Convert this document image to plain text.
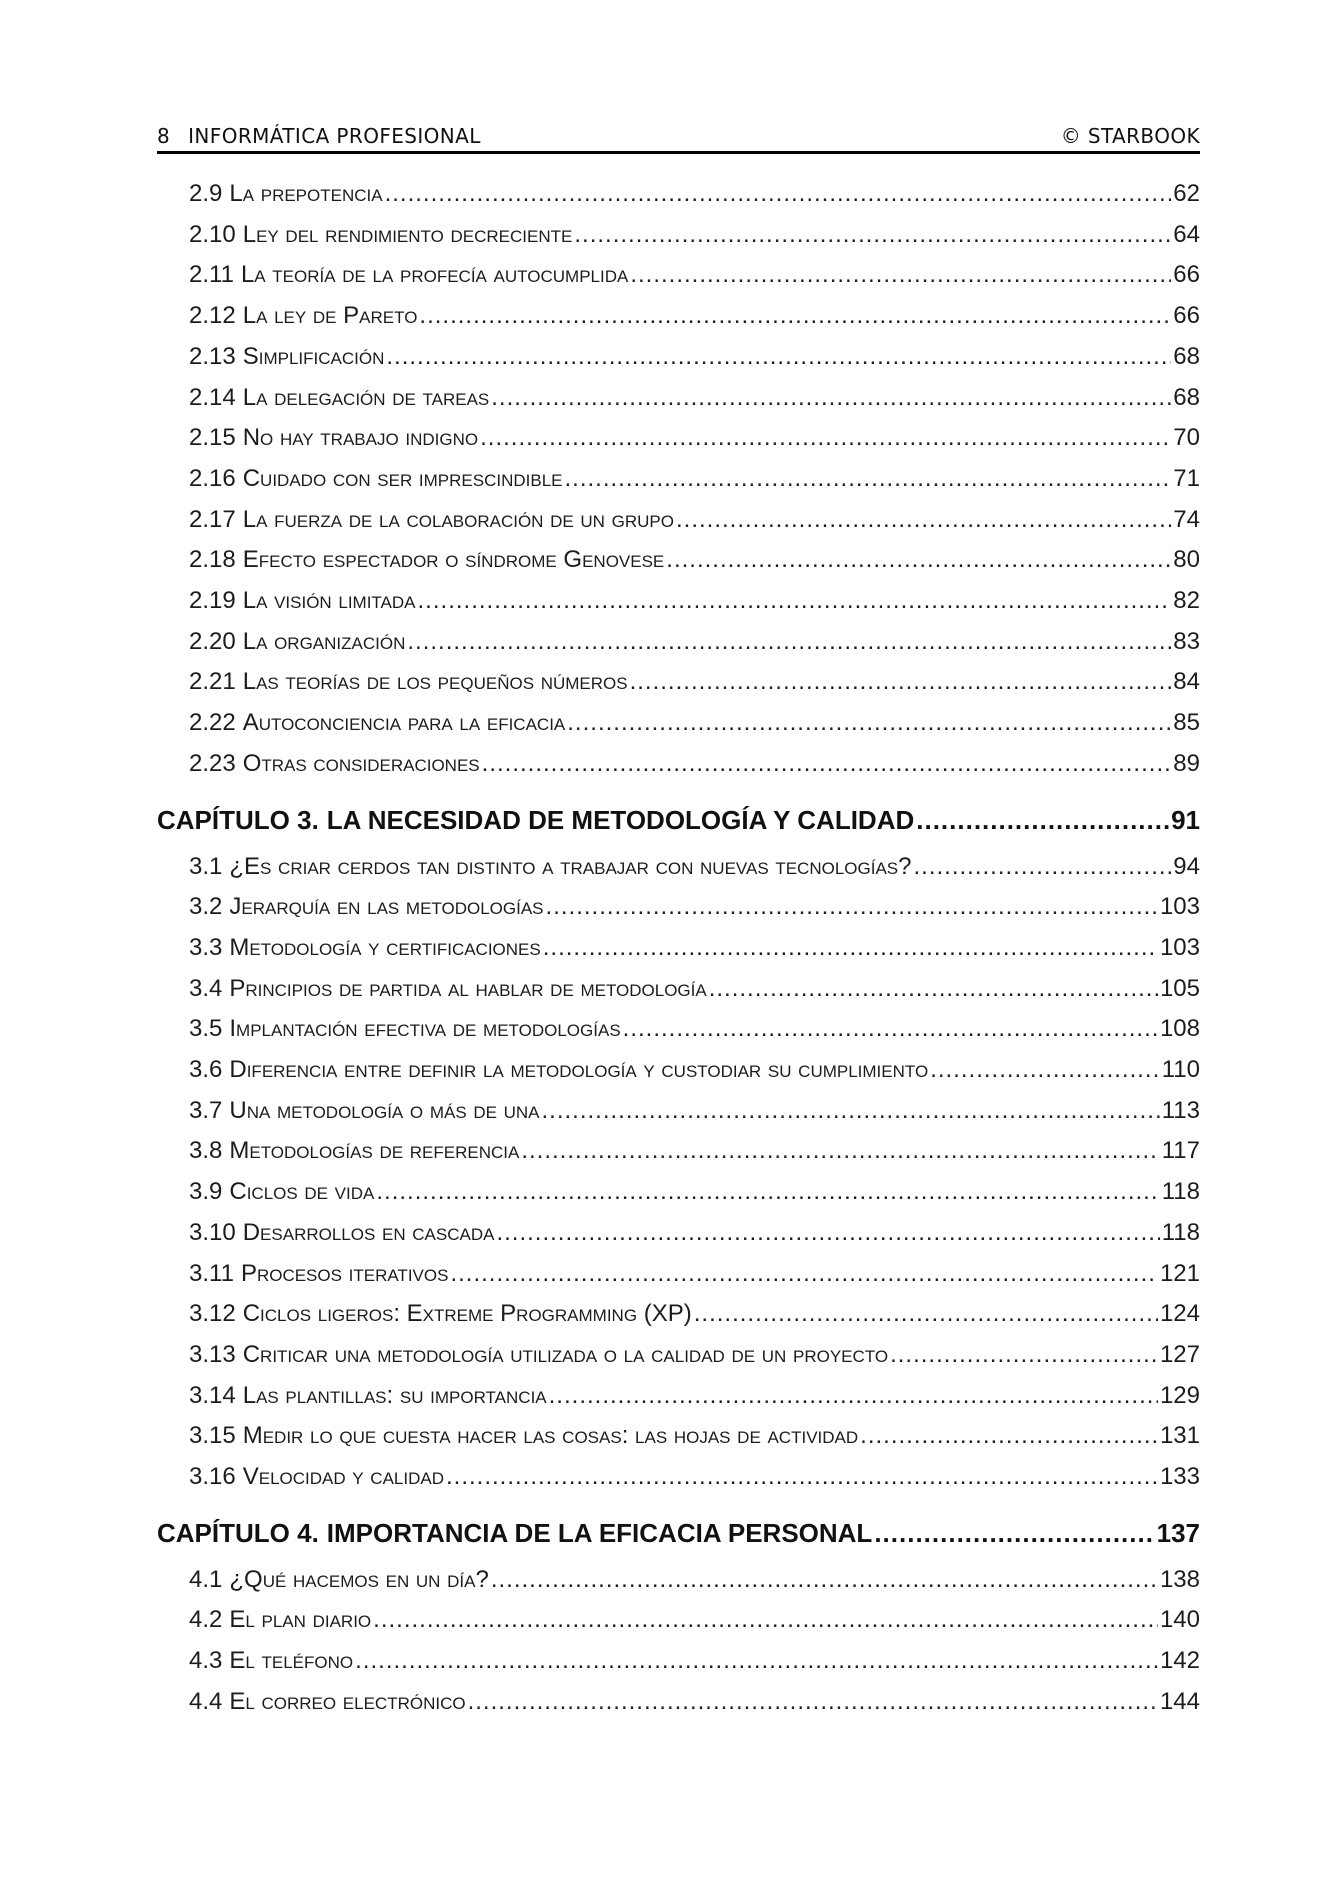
8 INFORMÁTICA PROFESIONAL	© STARBOOK
2.9 La prepotencia .....	62
2.10 Ley del rendimiento decreciente .....	64
2.11 La teoría de la profecía autocumplida .....	66
2.12 La ley de Pareto .....	66
2.13 Simplificación .....	68
2.14 La delegación de tareas .....	68
2.15 No hay trabajo indigno .....	70
2.16 Cuidado con ser imprescindible .....	71
2.17 La fuerza de la colaboración de un grupo .....	74
2.18 Efecto espectador o síndrome Genovese .....	80
2.19 La visión limitada .....	82
2.20 La organización .....	83
2.21 Las teorías de los pequeños números .....	84
2.22 Autoconciencia para la eficacia .....	85
2.23 Otras consideraciones .....	89
CAPÍTULO 3. LA NECESIDAD DE METODOLOGÍA Y CALIDAD .....	91
3.1 ¿Es criar cerdos tan distinto a trabajar con nuevas tecnologías? .....	94
3.2 Jerarquía en las metodologías .....	103
3.3 Metodología y certificaciones .....	103
3.4 Principios de partida al hablar de metodología .....	105
3.5 Implantación efectiva de metodologías .....	108
3.6 Diferencia entre definir la metodología y custodiar su cumplimiento .....	110
3.7 Una metodología o más de una .....	113
3.8 Metodologías de referencia .....	117
3.9 Ciclos de vida .....	118
3.10 Desarrollos en cascada .....	118
3.11 Procesos iterativos .....	121
3.12 Ciclos ligeros: Extreme Programming (XP) .....	124
3.13 Criticar una metodología utilizada o la calidad de un proyecto .....	127
3.14 Las plantillas: su importancia .....	129
3.15 Medir lo que cuesta hacer las cosas: las hojas de actividad .....	131
3.16 Velocidad y calidad .....	133
CAPÍTULO 4. IMPORTANCIA DE LA EFICACIA PERSONAL .....	137
4.1 ¿Qué hacemos en un día? .....	138
4.2 El plan diario .....	140
4.3 El teléfono .....	142
4.4 El correo electrónico .....	144
